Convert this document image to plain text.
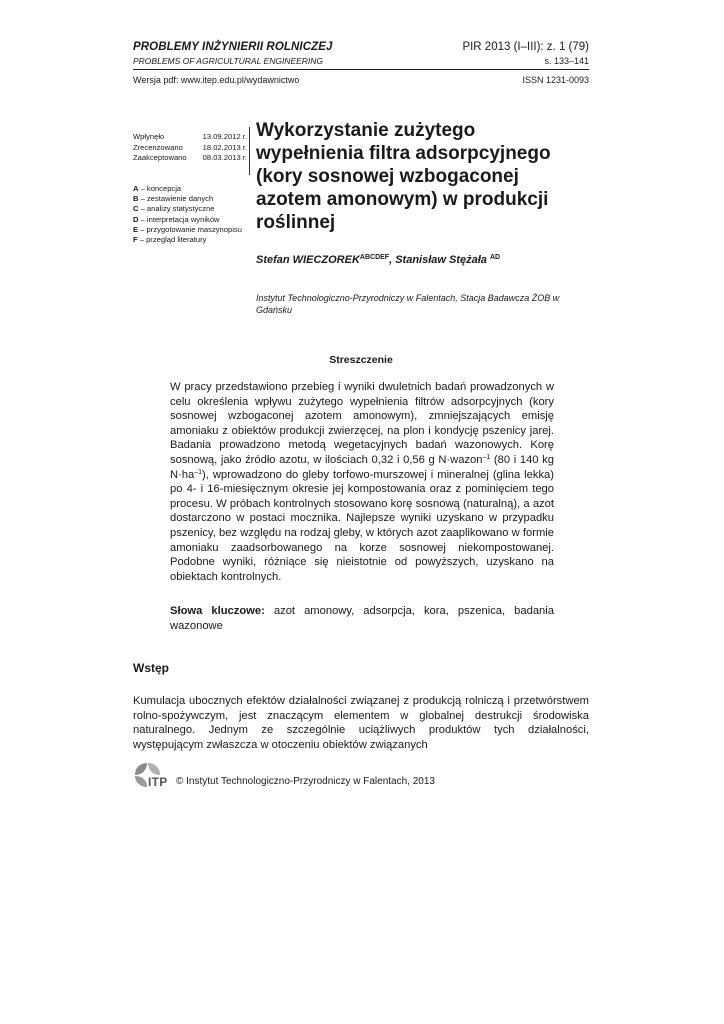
PROBLEMY INŻYNIERII ROLNICZEJ
PROBLEMS OF AGRICULTURAL ENGINEERING
PIR 2013 (I–III): z. 1 (79)
s. 133–141
Wersja pdf: www.itep.edu.pl/wydawnictwo	ISSN 1231-0093
Wpłynęło	13.09.2012 r.
Zrecenzowano	18.02.2013 r.
Zaakceptowano 08.03.2013 r.
A – koncepcja
B – zestawienie danych
C – analizy statystyczne
D – interpretacja wyników
E – przygotowanie maszynopisu
F – przegląd literatury
Wykorzystanie zużytego wypełnienia filtra adsorpcyjnego (kory sosnowej wzbogaconej azotem amonowym) w produkcji roślinnej
Stefan $WIECZOREK^{ABCDEF}$, Stanisław Stężała $^{AD}$
Instytut Technologiczno-Przyrodniczy w Falentach, Stacja Badawcza ŻOB w Gdańsku
Streszczenie
W pracy przedstawiono przebieg i wyniki dwuletnich badań prowadzonych w celu określenia wpływu zużytego wypełnienia filtrów adsorpcyjnych (kory sosnowej wzbogaconej azotem amonowym), zmniejszających emisję amoniaku z obiektów produkcji zwierzęcej, na plon i kondycję pszenicy jarej. Badania prowadzono metodą wegetacyjnych badań wazonowych. Korę sosnową, jako źródło azotu, w ilościach 0,32 i 0,56 g N·wazon$^{-1}$ (80 i 140 kg $N\cdot ha^{-1}$), wprowadzono do gleby torfowo-murszowej i mineralnej (glina lekka) po 4- i 16-miesięcznym okresie jej kompostowania oraz z pominięciem tego procesu. W próbach kontrolnych stosowano korę sosnową (naturalną), a azot dostarczono w postaci mocznika. Najlepsze wyniki uzyskano w przypadku pszenicy, bez względu na rodzaj gleby, w których azot zaaplikowano w formie amoniaku zaadsorbowanego na korze sosnowej niekompostowanej. Podobne wyniki, różniące się nieistotnie od powyższych, uzyskano na obiektach kontrolnych.
Słowa kluczowe: azot amonowy, adsorpcja, kora, pszenica, badania wazonowe
Wstęp
Kumulacja ubocznych efektów działalności związanej z produkcją rolniczą i przetwórstwem rolno-spożywczym, jest znaczącym elementem w globalnej destrukcji środowiska naturalnego. Jednym ze szczególnie uciążliwych produktów tych działalności, występującym zwłaszcza w otoczeniu obiektów związanych
ITP © Instytut Technologiczno-Przyrodniczy w Falentach, 2013
